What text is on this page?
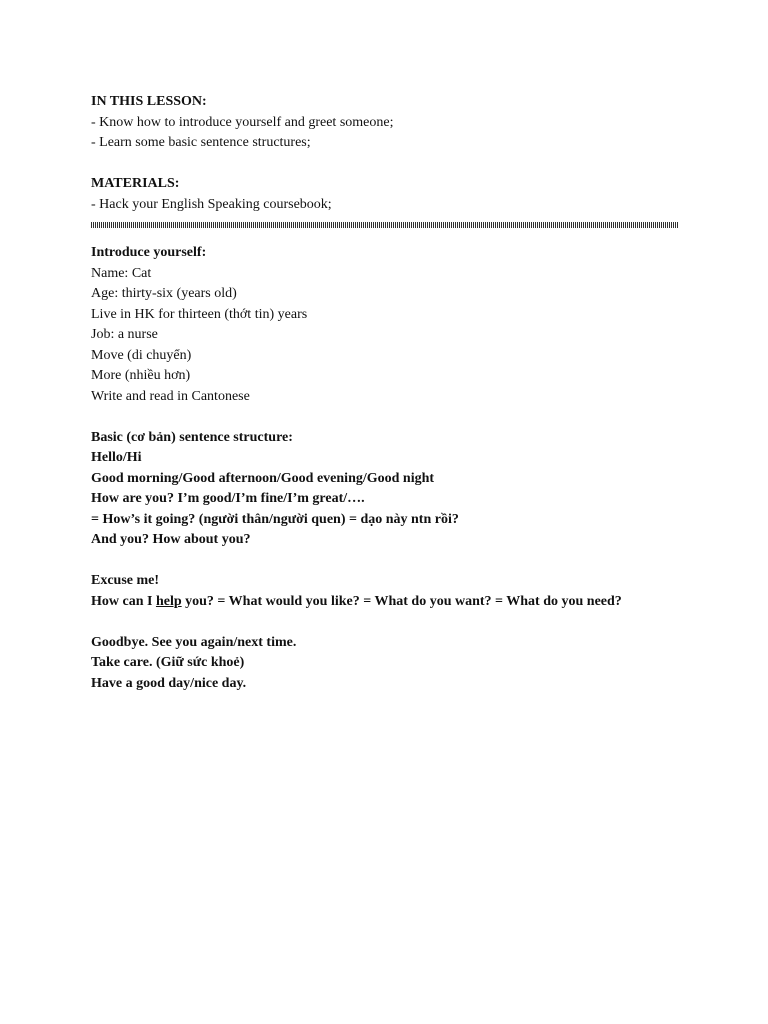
IN THIS LESSON:
- Know how to introduce yourself and greet someone;
- Learn some basic sentence structures;
MATERIALS:
- Hack your English Speaking coursebook;
Introduce yourself:
Name: Cat
Age: thirty-six (years old)
Live in HK for thirteen (thớt tin) years
Job: a nurse
Move (di chuyển)
More (nhiều hơn)
Write and read in Cantonese
Basic (cơ bản) sentence structure:
Hello/Hi
Good morning/Good afternoon/Good evening/Good night
How are you? I’m good/I’m fine/I’m great/….
= How’s it going? (người thân/người quen) = dạo này ntn rồi?
And you? How about you?
Excuse me!
How can I help you? = What would you like? = What do you want? = What do you need?
Goodbye. See you again/next time.
Take care. (Giữ sức khoẻ)
Have a good day/nice day.
